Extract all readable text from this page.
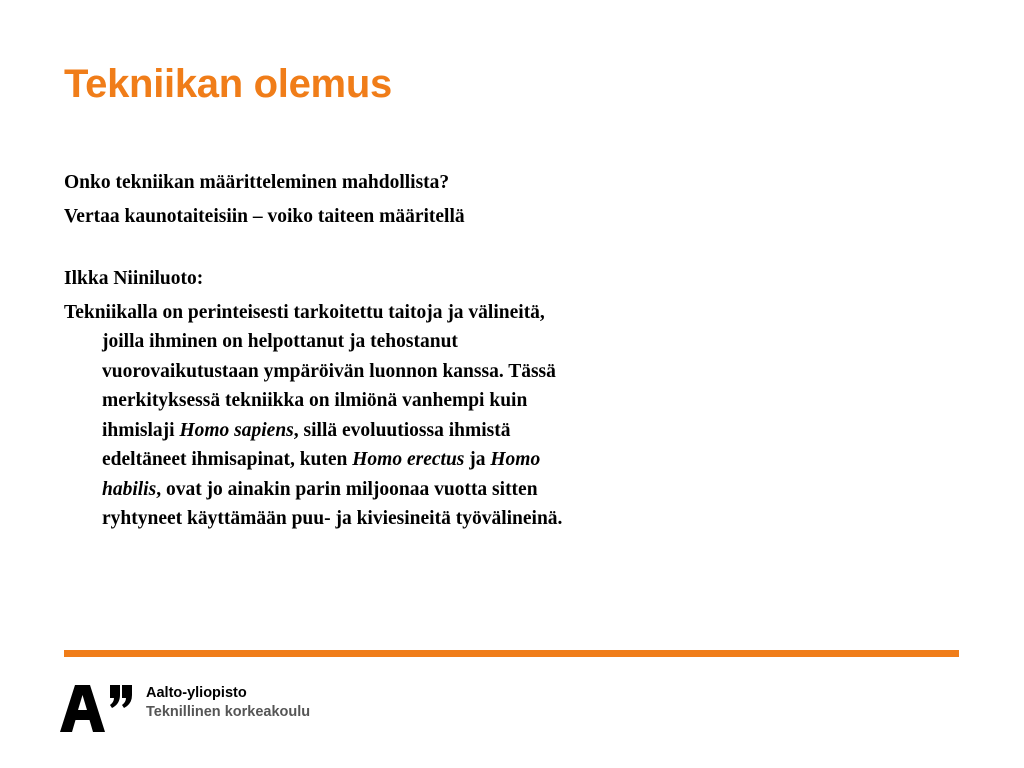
Tekniikan olemus

Onko tekniikan määritteleminen mahdollista?

Vertaa kaunotaiteisiin – voiko taiteen määritellä

Ilkka Niiniluoto:

Tekniikalla on perinteisesti tarkoitettu taitoja ja välineitä, joilla ihminen on helpottanut ja tehostanut vuorovaikutustaan ympäröivän luonnon kanssa. Tässä merkityksessä tekniikka on ilmiönä vanhempi kuin ihmislaji Homo sapiens, sillä evoluutiossa ihmistä edeltäneet ihmisapinat, kuten Homo erectus ja Homo habilis, ovat jo ainakin parin miljoonaa vuotta sitten ryhtyneet käyttämään puu- ja kiviesineitä työvälineinä.

Aalto-yliopisto
Teknillinen korkeakoulu
